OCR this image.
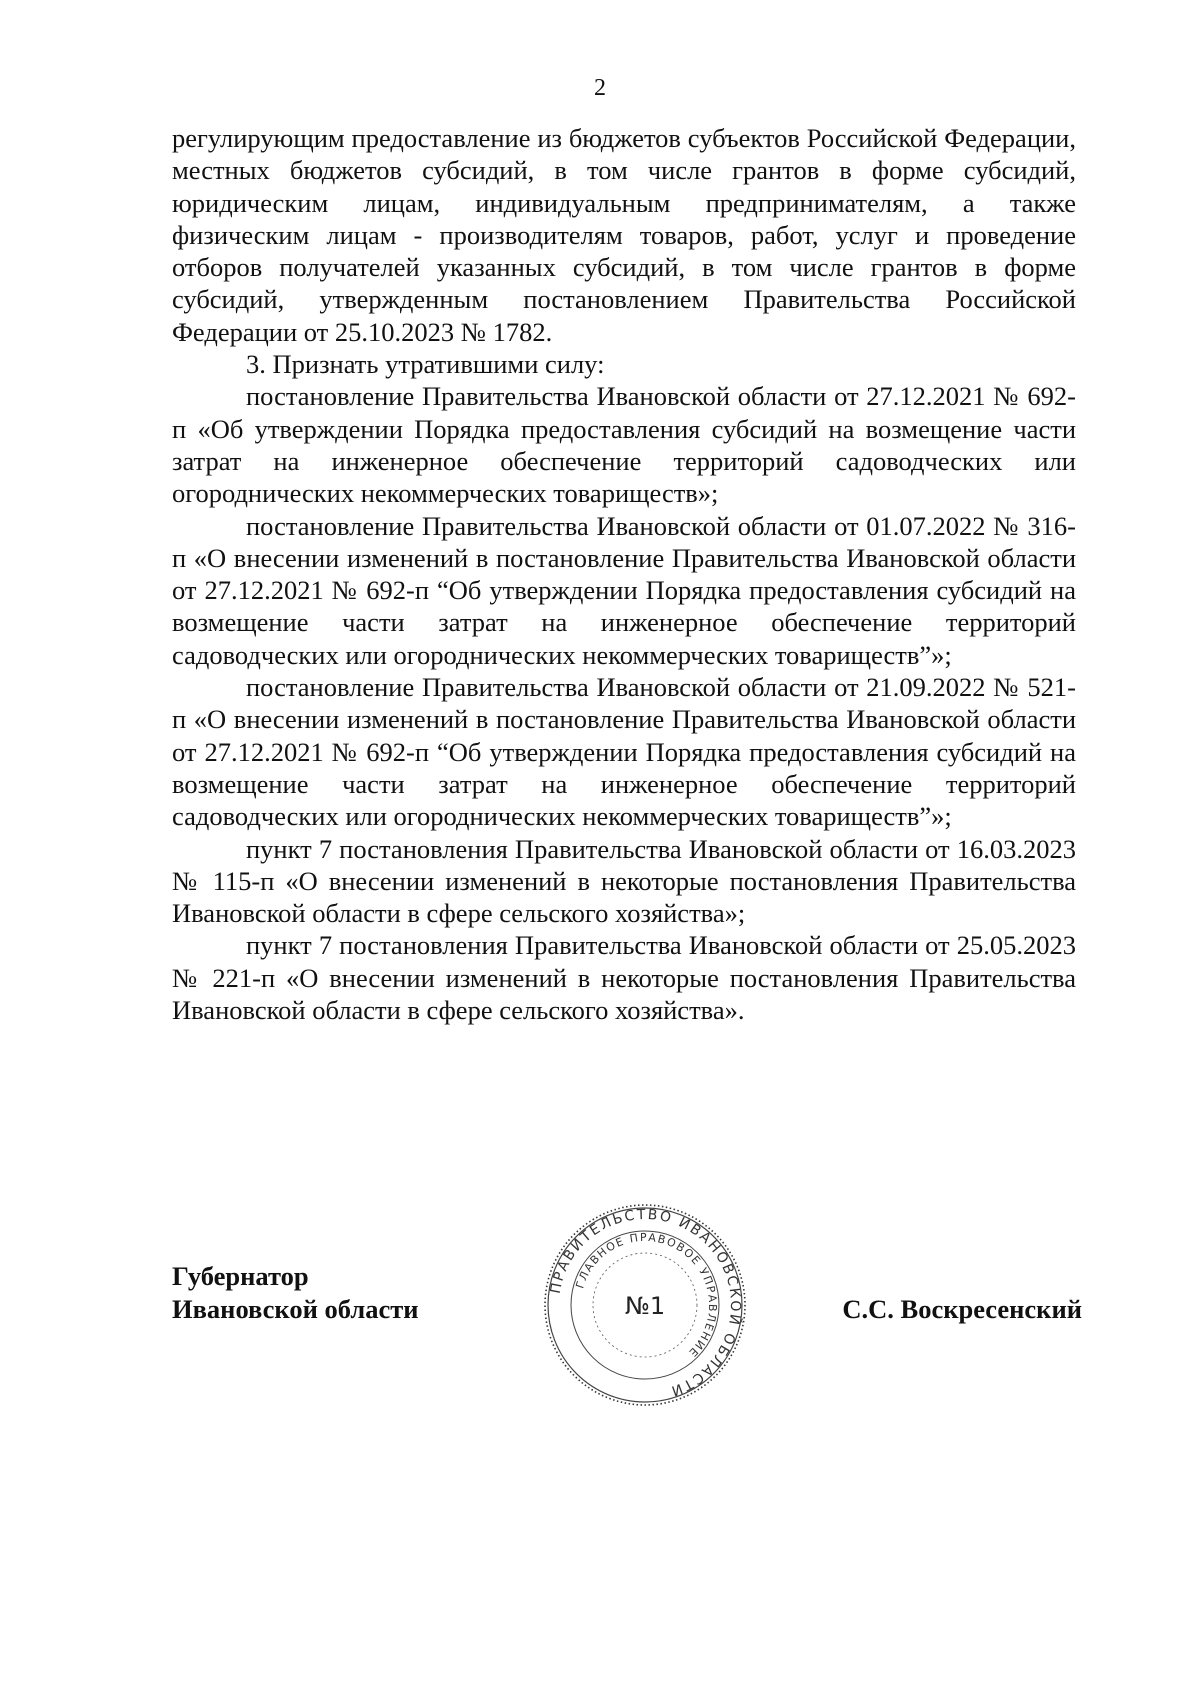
2

регулирующим предоставление из бюджетов субъектов Российской Федерации, местных бюджетов субсидий, в том числе грантов в форме субсидий, юридическим лицам, индивидуальным предпринимателям, а также физическим лицам - производителям товаров, работ, услуг и проведение отборов получателей указанных субсидий, в том числе грантов в форме субсидий, утвержденным постановлением Правительства Российской Федерации от 25.10.2023 № 1782.

3. Признать утратившими силу:

постановление Правительства Ивановской области от 27.12.2021 № 692-п «Об утверждении Порядка предоставления субсидий на возмещение части затрат на инженерное обеспечение территорий садоводческих или огороднических некоммерческих товариществ»;

постановление Правительства Ивановской области от 01.07.2022 № 316-п «О внесении изменений в постановление Правительства Ивановской области от 27.12.2021 № 692-п “Об утверждении Порядка предоставления субсидий на возмещение части затрат на инженерное обеспечение территорий садоводческих или огороднических некоммерческих товариществ”»;

постановление Правительства Ивановской области от 21.09.2022 № 521-п «О внесении изменений в постановление Правительства Ивановской области от 27.12.2021 № 692-п “Об утверждении Порядка предоставления субсидий на возмещение части затрат на инженерное обеспечение территорий садоводческих или огороднических некоммерческих товариществ”»;

пункт 7 постановления Правительства Ивановской области от 16.03.2023 № 115-п «О внесении изменений в некоторые постановления Правительства Ивановской области в сфере сельского хозяйства»;

пункт 7 постановления Правительства Ивановской области от 25.05.2023 № 221-п «О внесении изменений в некоторые постановления Правительства Ивановской области в сфере сельского хозяйства».

Губернатор
Ивановской области	С.С. Воскресенский
ПРАВИТЕЛЬСТВО ИВАНОВСКОЙ ОБЛАСТИ
ГЛАВНОЕ ПРАВОВОЕ УПРАВЛЕНИЕ
№1
